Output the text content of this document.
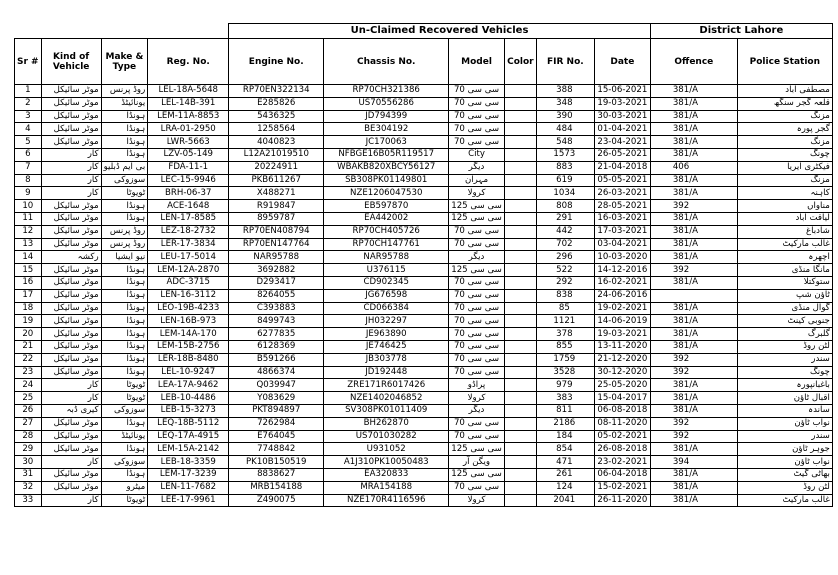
				Un-Claimed Recovered Vehicles						District Lahore	
Sr #	Kind of Vehicle	Make & Type	Reg. No.	Engine No.	Chassis No.	Model	Color	FIR No.	Date	Offence	Police Station
1	موٹر سائیکل	روڈ پرنس	LEL-18A-5648	RP70EN322134	RP70CH321386	سی سی 70		388	15-06-2021	381/A	مصطفی آباد
2	موٹر سائیکل	یونائیٹڈ	LEL-14B-391	E285826	US70556286	سی سی 70		348	19-03-2021	381/A	قلعہ گجر سنگھ
3	موٹر سائیکل	ہونڈا	LEM-11A-8853	5436325	JD794399	سی سی 70		390	30-03-2021	381/A	مزنگ
4	موٹر سائیکل	ہونڈا	LRA-01-2950	1258564	BE304192	سی سی 70		484	01-04-2021	381/A	گجر پورہ
5	موٹر سائیکل	ہونڈا	LWR-5663	4040823	JC170063	سی سی 70		548	23-04-2021	381/A	مزنگ
6	کار	ہونڈا	LZV-05-149	L12A21019510	NFBGE16B05R119517	City		1573	26-05-2021	381/A	چونگ
7	کار	بی ایم ڈبلیو	FDA-11-1	20224911	WBAKB820XBCY56127	دیگر		883	21-04-2018	406	فیکٹری ایریا
8	کار	سوزوکی	LEC-15-9946	PKB611267	SB308PK01149801	مہران		619	05-05-2021	381/A	مزنگ
9	کار	ٹویوٹا	BRH-06-37	X488271	NZE1206047530	کرولا		1034	26-03-2021	381/A	کاہنہ
10	موٹر سائیکل	ہونڈا	ACE-1648	R919847	EB597870	سی سی 125		808	28-05-2021	392	مناواں
11	موٹر سائیکل	ہونڈا	LEN-17-8585	8959787	EA442002	سی سی 125		291	16-03-2021	381/A	لیاقت آباد
12	موٹر سائیکل	روڈ پرنس	LEZ-18-2732	RP70EN408794	RP70CH405726	سی سی 70		442	17-03-2021	381/A	شادباغ
13	موٹر سائیکل	روڈ پرنس	LER-17-3834	RP70EN147764	RP70CH147761	سی سی 70		702	03-04-2021	381/A	غالب مارکیٹ
14	رکشہ	نیو ایشیا	LEU-17-5014	NAR95788	NAR95788	دیگر		296	10-03-2020	381/A	اچھرہ
15	موٹر سائیکل	ہونڈا	LEM-12A-2870	3692882	U376115	سی سی 125		522	14-12-2016	392	مانگا منڈی
16	موٹر سائیکل	ہونڈا	ADC-3715	D293417	CD902345	سی سی 70		292	16-02-2021	381/A	ستوکتلا
17	موٹر سائیکل	ہونڈا	LEN-16-3112	8264055	JG676598	سی سی 70		838	24-06-2016		ٹاؤن شپ
18	موٹر سائیکل	ہونڈا	LEO-19B-4233	C393883	CD066384	سی سی 70		85	19-02-2021	381/A	گوال منڈی
19	موٹر سائیکل	ہونڈا	LEN-16B-973	8499743	JH032297	سی سی 70		1121	14-06-2019	381/A	جنوبی کینٹ
20	موٹر سائیکل	ہونڈا	LEM-14A-170	6277835	JE963890	سی سی 70		378	19-03-2021	381/A	گلبرگ
21	موٹر سائیکل	ہونڈا	LEM-15B-2756	6128369	JE746425	سی سی 70		855	13-11-2020	381/A	لٹن روڈ
22	موٹر سائیکل	ہونڈا	LER-18B-8480	B591266	JB303778	سی سی 70		1759	21-12-2020	392	سندر
23	موٹر سائیکل	ہونڈا	LEL-10-9247	4866374	JD192448	سی سی 70		3528	30-12-2020	392	چونگ
24	کار	ٹویوٹا	LEA-17A-9462	Q039947	ZRE171R6017426	پراڈو		979	25-05-2020	381/A	باغبانپورہ
25	کار	ٹویوٹا	LEB-10-4486	Y083629	NZE1402046852	کرولا		383	15-04-2017	381/A	اقبال ٹاؤن
26	کیری ڈبہ	سوزوکی	LEB-15-3273	PKT894897	SV308PK01011409	دیگر		811	06-08-2018	381/A	ساندہ
27	موٹر سائیکل	ہونڈا	LEQ-18B-5112	7262984	BH262870	سی سی 70		2186	08-11-2020	392	نواب ٹاؤن
28	موٹر سائیکل	یونائیٹڈ	LEQ-17A-4915	E764045	US701030282	سی سی 70		184	05-02-2021	392	سندر
29	موٹر سائیکل	ہونڈا	LEM-15A-2142	7748842	U931052	سی سی 125		854	26-08-2018	381/A	جوہر ٹاؤن
30	کار	سوزوکی	LEB-18-3359	PK10B150519	A1J310PK10050483	ویگن آر		471	23-02-2021	394	نواب ٹاؤن
31	موٹر سائیکل	ہونڈا	LEM-17-3239	8838627	EA320833	سی سی 125		261	06-04-2018	381/A	بھاٹی گیٹ
32	موٹر سائیکل	میٹرو	LEN-11-7682	MRB154188	MRA154188	سی سی 70		124	15-02-2021	381/A	لٹن روڈ
33	کار	ٹویوٹا	LEE-17-9961	Z490075	NZE170R4116596	کرولا		2041	26-11-2020	381/A	غالب مارکیٹ
